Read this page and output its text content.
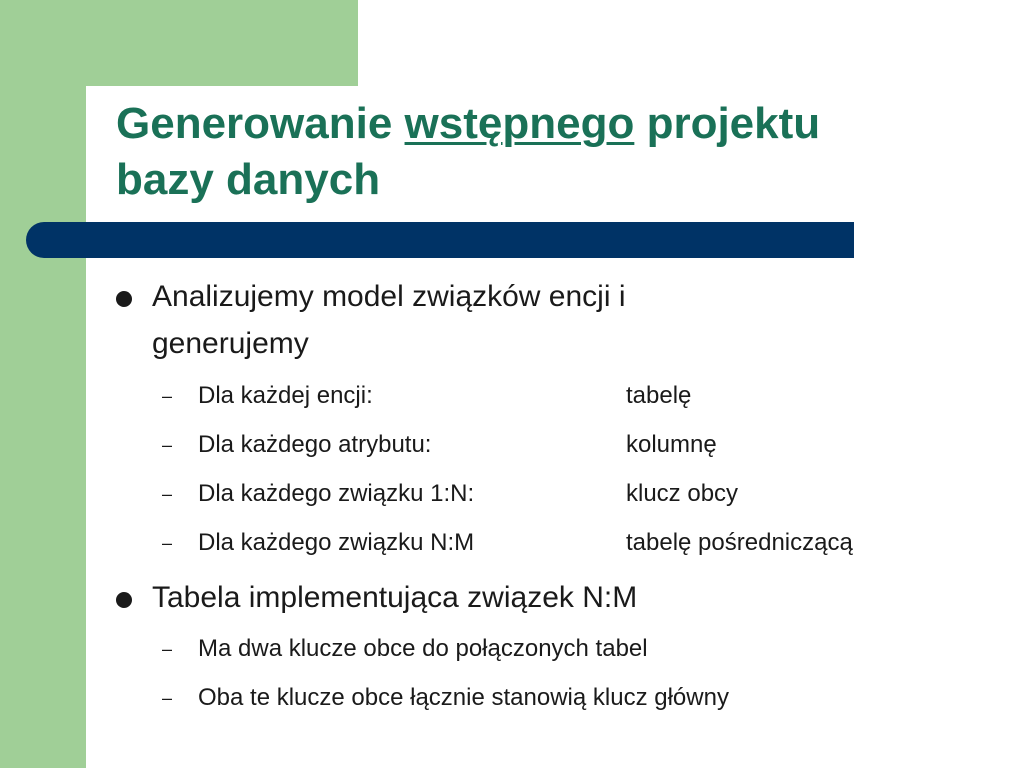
Generowanie wstępnego projektu
bazy danych
Analizujemy model związków encji i
generujemy
– Dla każdej encji:	tabelę
– Dla każdego atrybutu:	kolumnę
– Dla każdego związku 1:N:	klucz obcy
– Dla każdego związku N:M	tabelę pośredniczącą
Tabela implementująca związek N:M
– Ma dwa klucze obce do połączonych tabel
– Oba te klucze obce łącznie stanowią klucz główny
